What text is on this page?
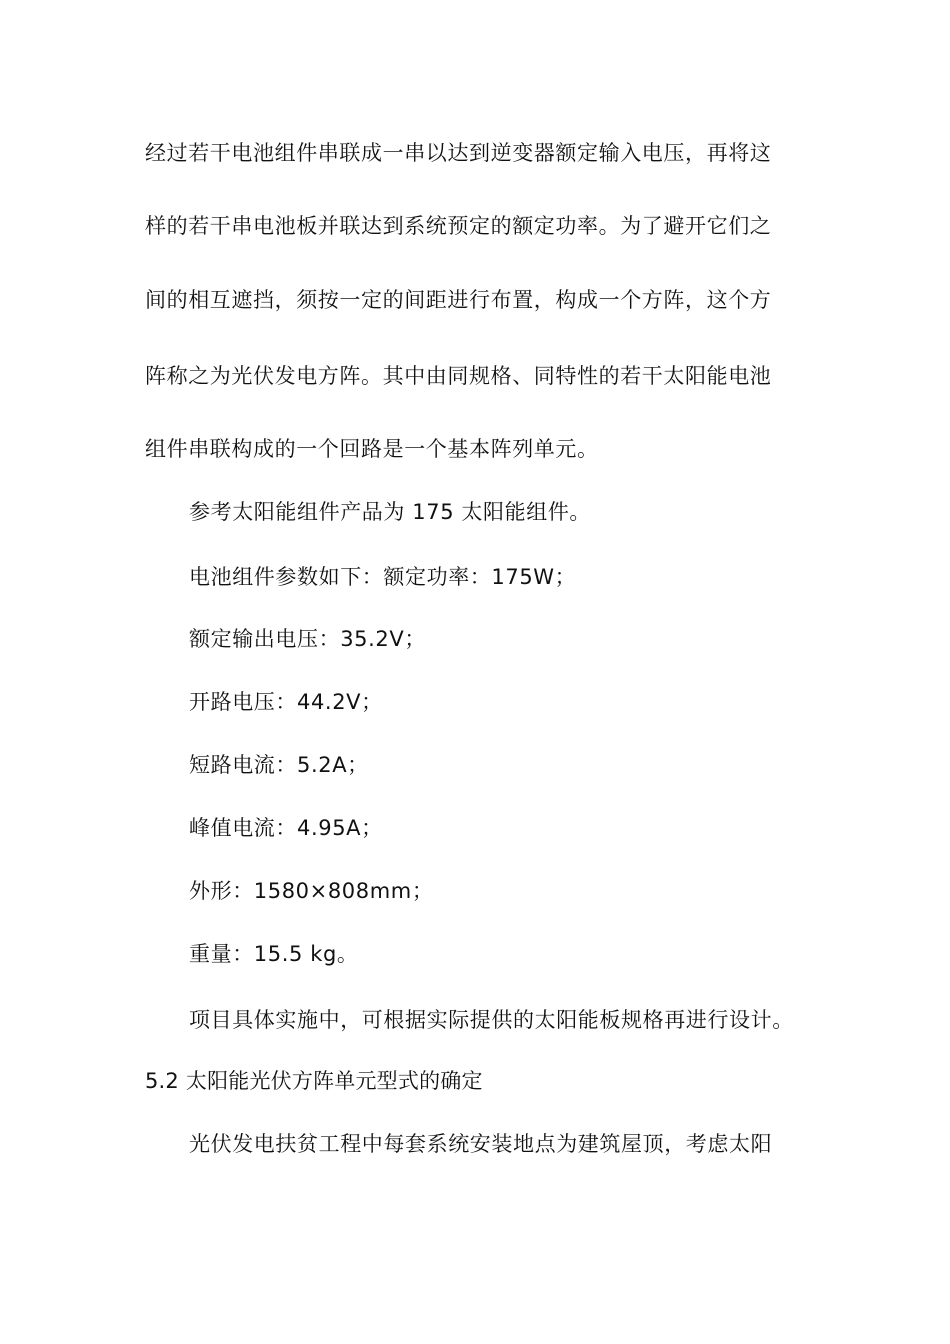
经过若干电池组件串联成一串以达到逆变器额定输入电压，再将这
样的若干串电池板并联达到系统预定的额定功率。为了避开它们之
间的相互遮挡，须按一定的间距进行布置，构成一个方阵，这个方
阵称之为光伏发电方阵。其中由同规格、同特性的若干太阳能电池
组件串联构成的一个回路是一个基本阵列单元。
参考太阳能组件产品为 175 太阳能组件。
电池组件参数如下：额定功率：175W；
额定输出电压：35.2V；
开路电压：44.2V；
短路电流：5.2A；
峰值电流：4.95A；
外形：1580×808mm；
重量：15.5 kg。
项目具体实施中，可根据实际提供的太阳能板规格再进行设计。
5.2 太阳能光伏方阵单元型式的确定
光伏发电扶贫工程中每套系统安装地点为建筑屋顶，考虑太阳
